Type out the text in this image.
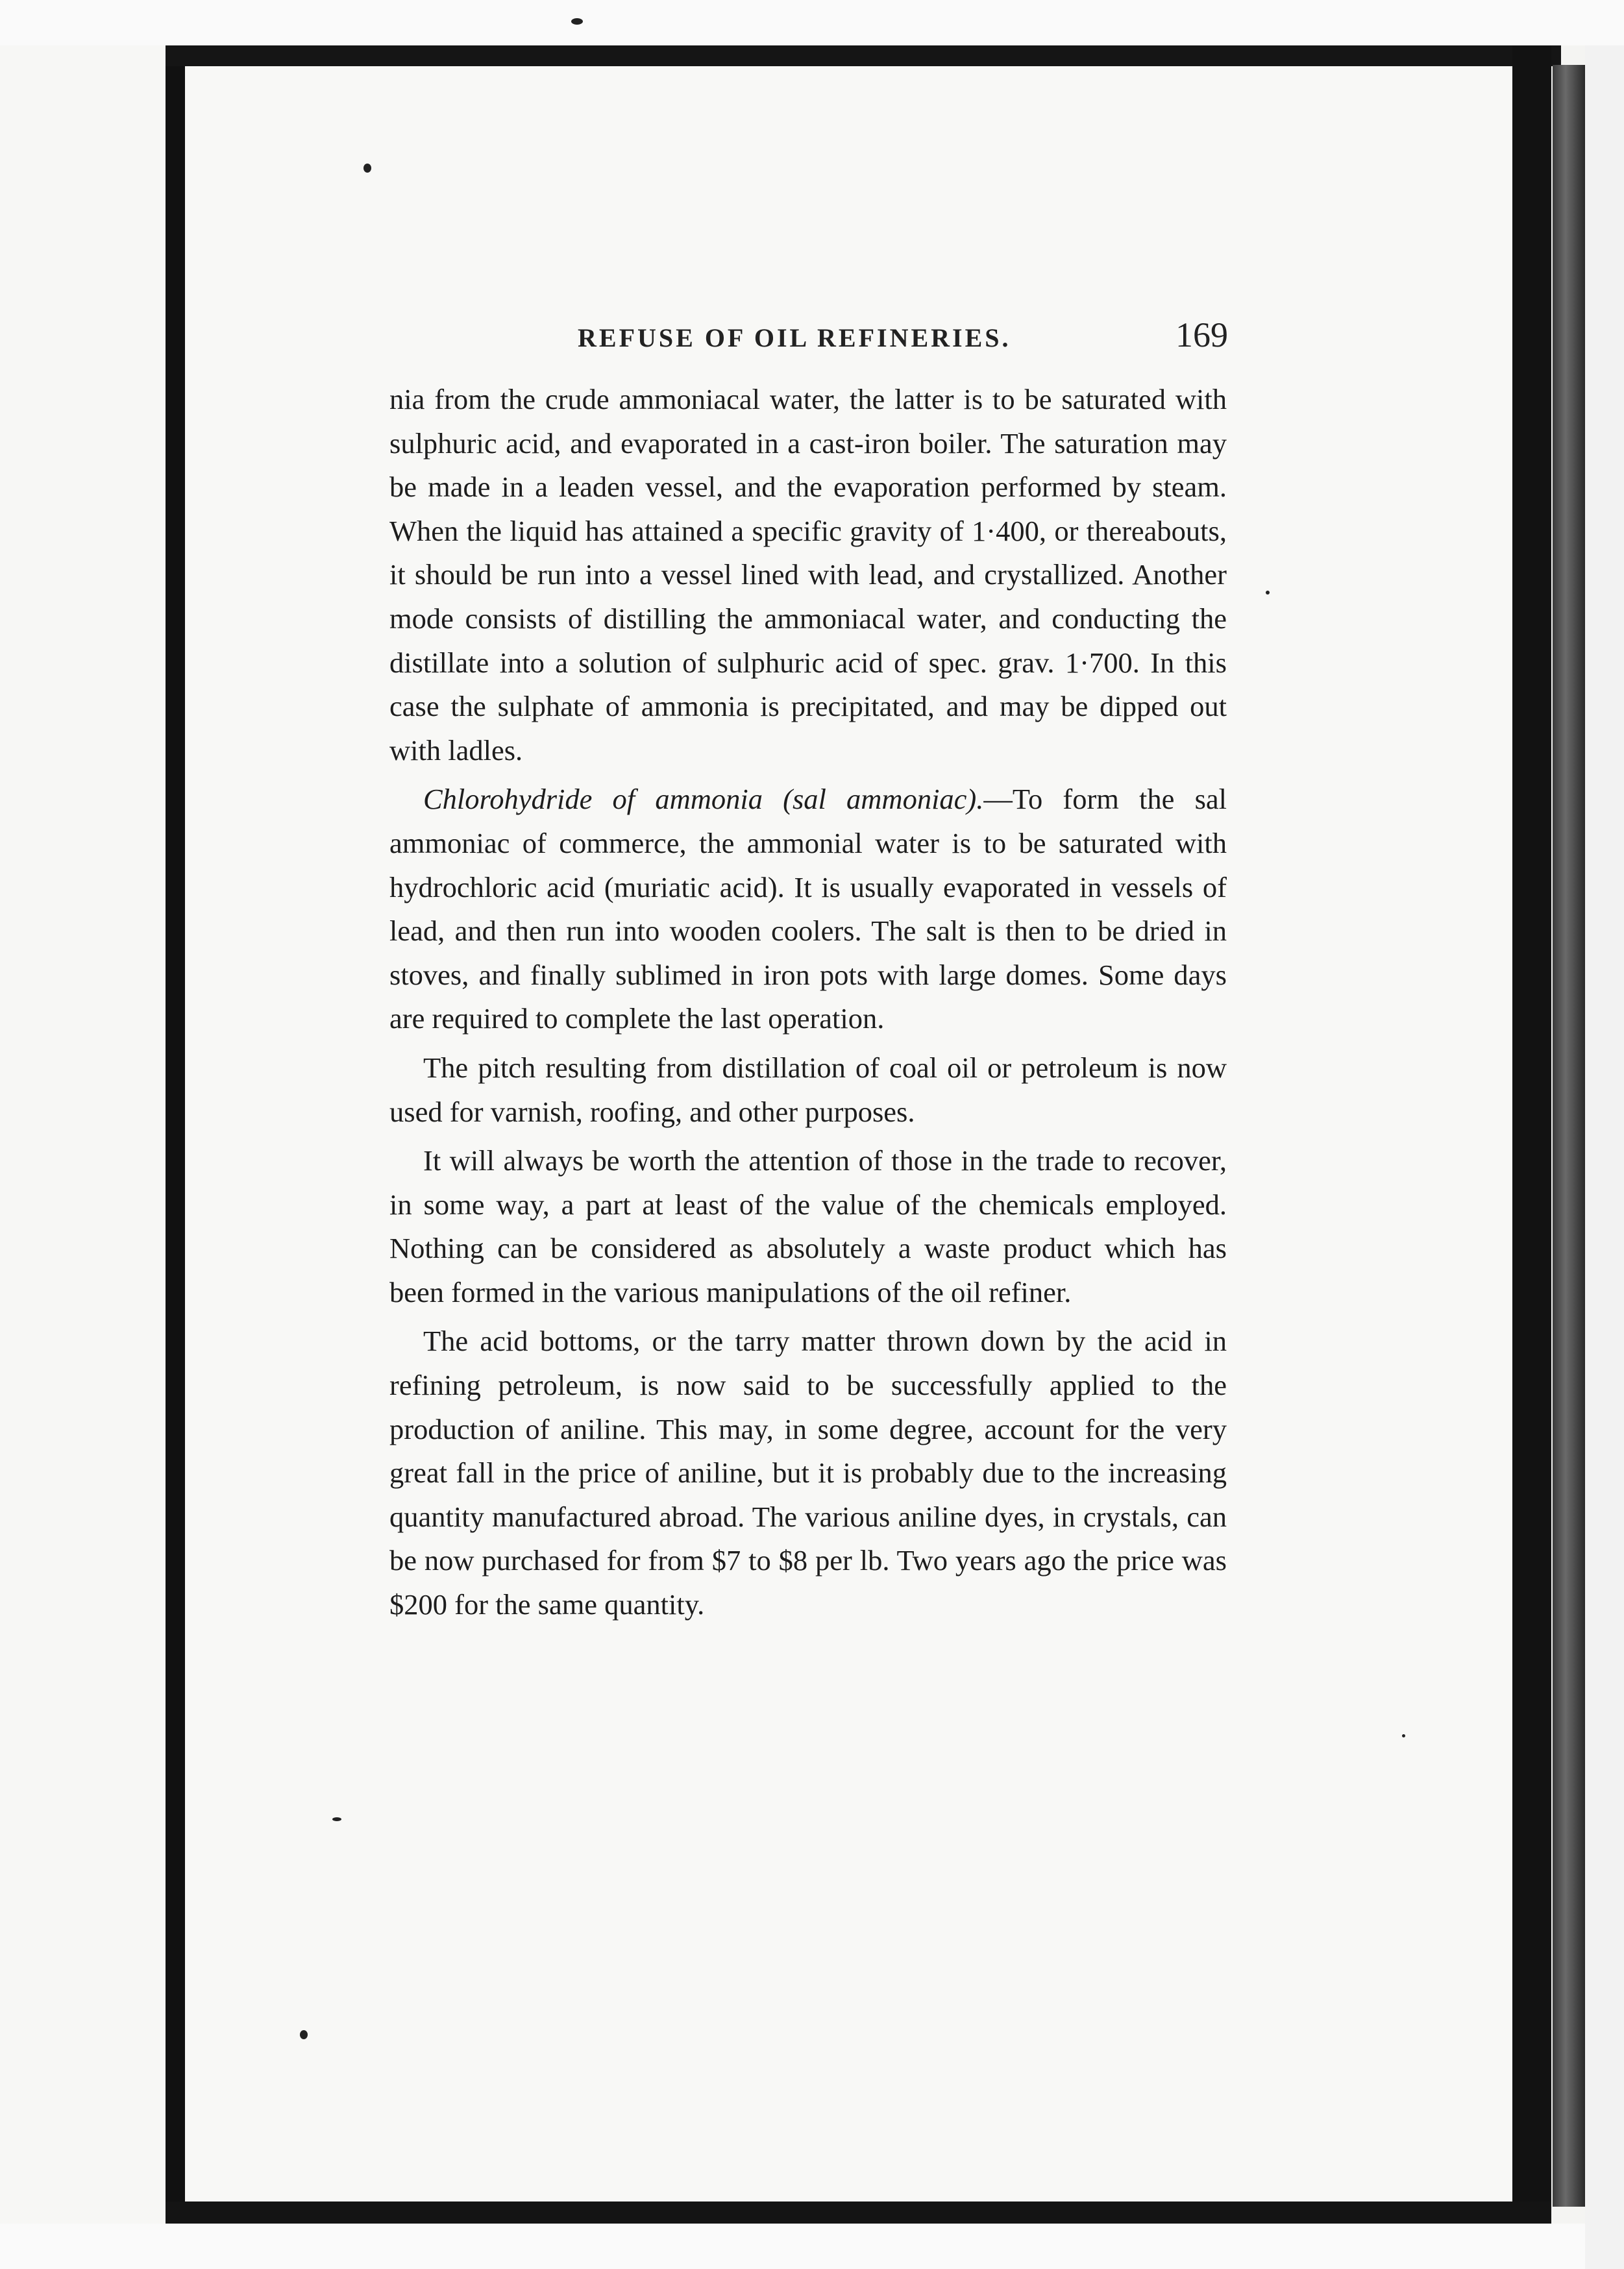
REFUSE OF OIL REFINERIES.	169

nia from the crude ammoniacal water, the latter is to be saturated with sulphuric acid, and evaporated in a cast-iron boiler. The saturation may be made in a leaden vessel, and the evaporation performed by steam. When the liquid has attained a specific gravity of 1·400, or thereabouts, it should be run into a vessel lined with lead, and crystallized. Another mode consists of distilling the ammoniacal water, and conducting the distillate into a solution of sulphuric acid of spec. grav. 1·700. In this case the sulphate of ammonia is precipitated, and may be dipped out with ladles.

Chlorohydride of ammonia (sal ammoniac).—To form the sal ammoniac of commerce, the ammonial water is to be saturated with hydrochloric acid (muriatic acid). It is usually evaporated in vessels of lead, and then run into wooden coolers. The salt is then to be dried in stoves, and finally sublimed in iron pots with large domes. Some days are required to complete the last operation.

The pitch resulting from distillation of coal oil or petroleum is now used for varnish, roofing, and other purposes.

It will always be worth the attention of those in the trade to recover, in some way, a part at least of the value of the chemicals employed. Nothing can be considered as absolutely a waste product which has been formed in the various manipulations of the oil refiner.

The acid bottoms, or the tarry matter thrown down by the acid in refining petroleum, is now said to be successfully applied to the production of aniline. This may, in some degree, account for the very great fall in the price of aniline, but it is probably due to the increasing quantity manufactured abroad. The various aniline dyes, in crystals, can be now purchased for from $7 to $8 per lb. Two years ago the price was $200 for the same quantity.
